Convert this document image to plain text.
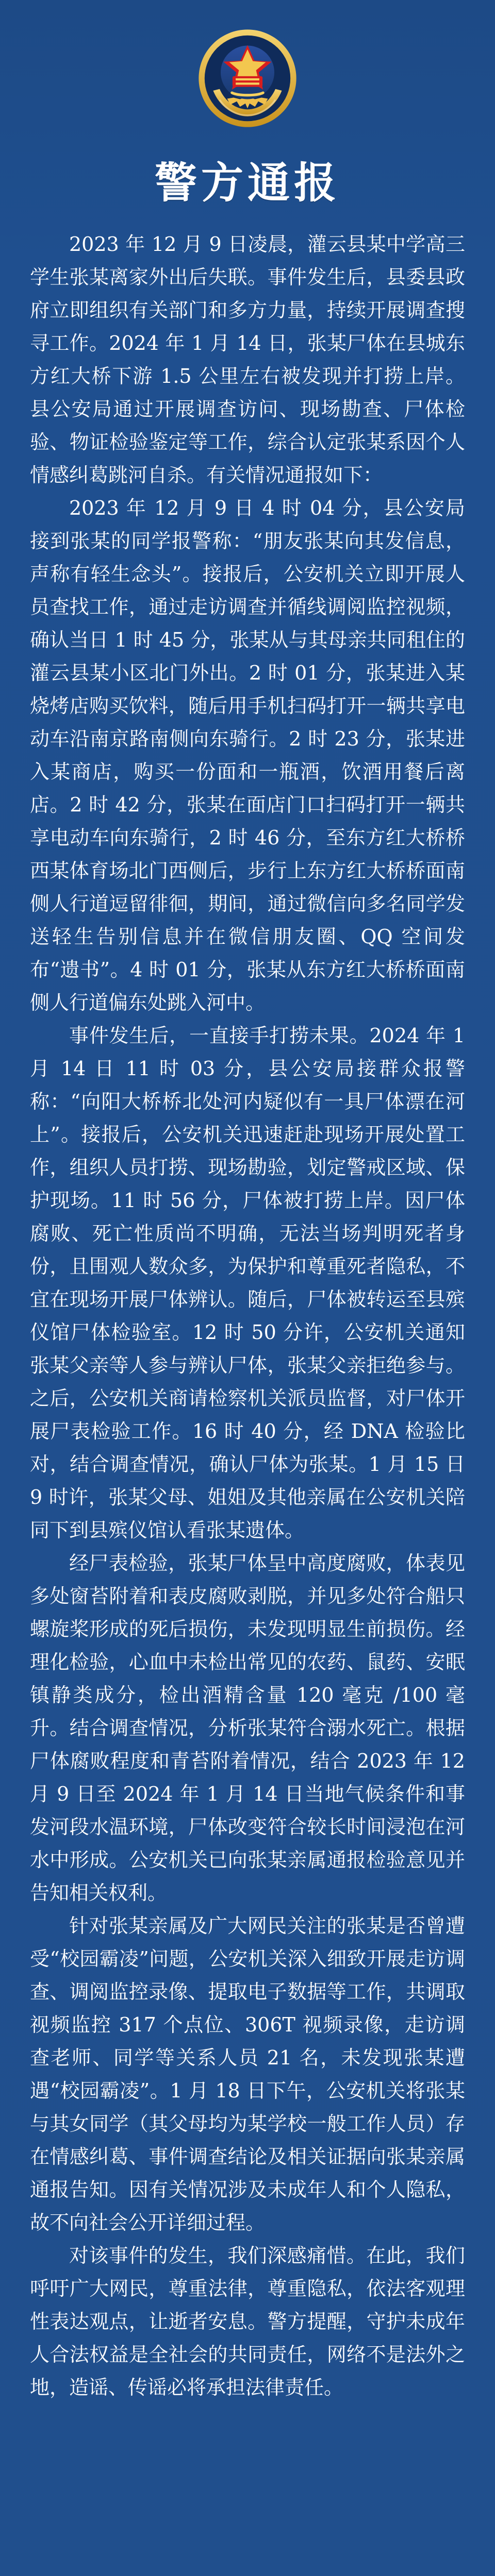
警方通报

2023 年 12 月 9 日凌晨，灌云县某中学高三学生张某离家外出后失联。事件发生后，县委县政府立即组织有关部门和多方力量，持续开展调查搜寻工作。2024 年 1 月 14 日，张某尸体在县城东方红大桥下游 1.5 公里左右被发现并打捞上岸。县公安局通过开展调查访问、现场勘查、尸体检验、物证检验鉴定等工作，综合认定张某系因个人情感纠葛跳河自杀。有关情况通报如下：

2023 年 12 月 9 日 4 时 04 分，县公安局接到张某的同学报警称：“朋友张某向其发信息，声称有轻生念头”。接报后，公安机关立即开展人员查找工作，通过走访调查并循线调阅监控视频，确认当日 1 时 45 分，张某从与其母亲共同租住的灌云县某小区北门外出。2 时 01 分，张某进入某烧烤店购买饮料，随后用手机扫码打开一辆共享电动车沿南京路南侧向东骑行。2 时 23 分，张某进入某商店，购买一份面和一瓶酒，饮酒用餐后离店。2 时 42 分，张某在面店门口扫码打开一辆共享电动车向东骑行，2 时 46 分，至东方红大桥桥西某体育场北门西侧后，步行上东方红大桥桥面南侧人行道逗留徘徊，期间，通过微信向多名同学发送轻生告别信息并在微信朋友圈、QQ 空间发布“遗书”。4 时 01 分，张某从东方红大桥桥面南侧人行道偏东处跳入河中。

事件发生后，一直接手打捞未果。2024 年 1 月 14 日 11 时 03 分，县公安局接群众报警称：“向阳大桥桥北处河内疑似有一具尸体漂在河上”。接报后，公安机关迅速赶赴现场开展处置工作，组织人员打捞、现场勘验，划定警戒区域、保护现场。11 时 56 分，尸体被打捞上岸。因尸体腐败、死亡性质尚不明确，无法当场判明死者身份，且围观人数众多，为保护和尊重死者隐私，不宜在现场开展尸体辨认。随后，尸体被转运至县殡仪馆尸体检验室。12 时 50 分许，公安机关通知张某父亲等人参与辨认尸体，张某父亲拒绝参与。之后，公安机关商请检察机关派员监督，对尸体开展尸表检验工作。16 时 40 分，经 DNA 检验比对，结合调查情况，确认尸体为张某。1 月 15 日 9 时许，张某父母、姐姐及其他亲属在公安机关陪同下到县殡仪馆认看张某遗体。

经尸表检验，张某尸体呈中高度腐败，体表见多处窗苔附着和表皮腐败剥脱，并见多处符合船只螺旋桨形成的死后损伤，未发现明显生前损伤。经理化检验，心血中未检出常见的农药、鼠药、安眠镇静类成分，检出酒精含量 120 毫克 /100 毫升。结合调查情况，分析张某符合溺水死亡。根据尸体腐败程度和青苔附着情况，结合 2023 年 12 月 9 日至 2024 年 1 月 14 日当地气候条件和事发河段水温环境，尸体改变符合较长时间浸泡在河水中形成。公安机关已向张某亲属通报检验意见并告知相关权利。

针对张某亲属及广大网民关注的张某是否曾遭受“校园霸凌”问题，公安机关深入细致开展走访调查、调阅监控录像、提取电子数据等工作，共调取视频监控 317 个点位、306T 视频录像，走访调查老师、同学等关系人员 21 名，未发现张某遭遇“校园霸凌”。1 月 18 日下午，公安机关将张某与其女同学（其父母均为某学校一般工作人员）存在情感纠葛、事件调查结论及相关证据向张某亲属通报告知。因有关情况涉及未成年人和个人隐私，故不向社会公开详细过程。

对该事件的发生，我们深感痛惜。在此，我们呼吁广大网民，尊重法律，尊重隐私，依法客观理性表达观点，让逝者安息。警方提醒，守护未成年人合法权益是全社会的共同责任，网络不是法外之地，造谣、传谣必将承担法律责任。
